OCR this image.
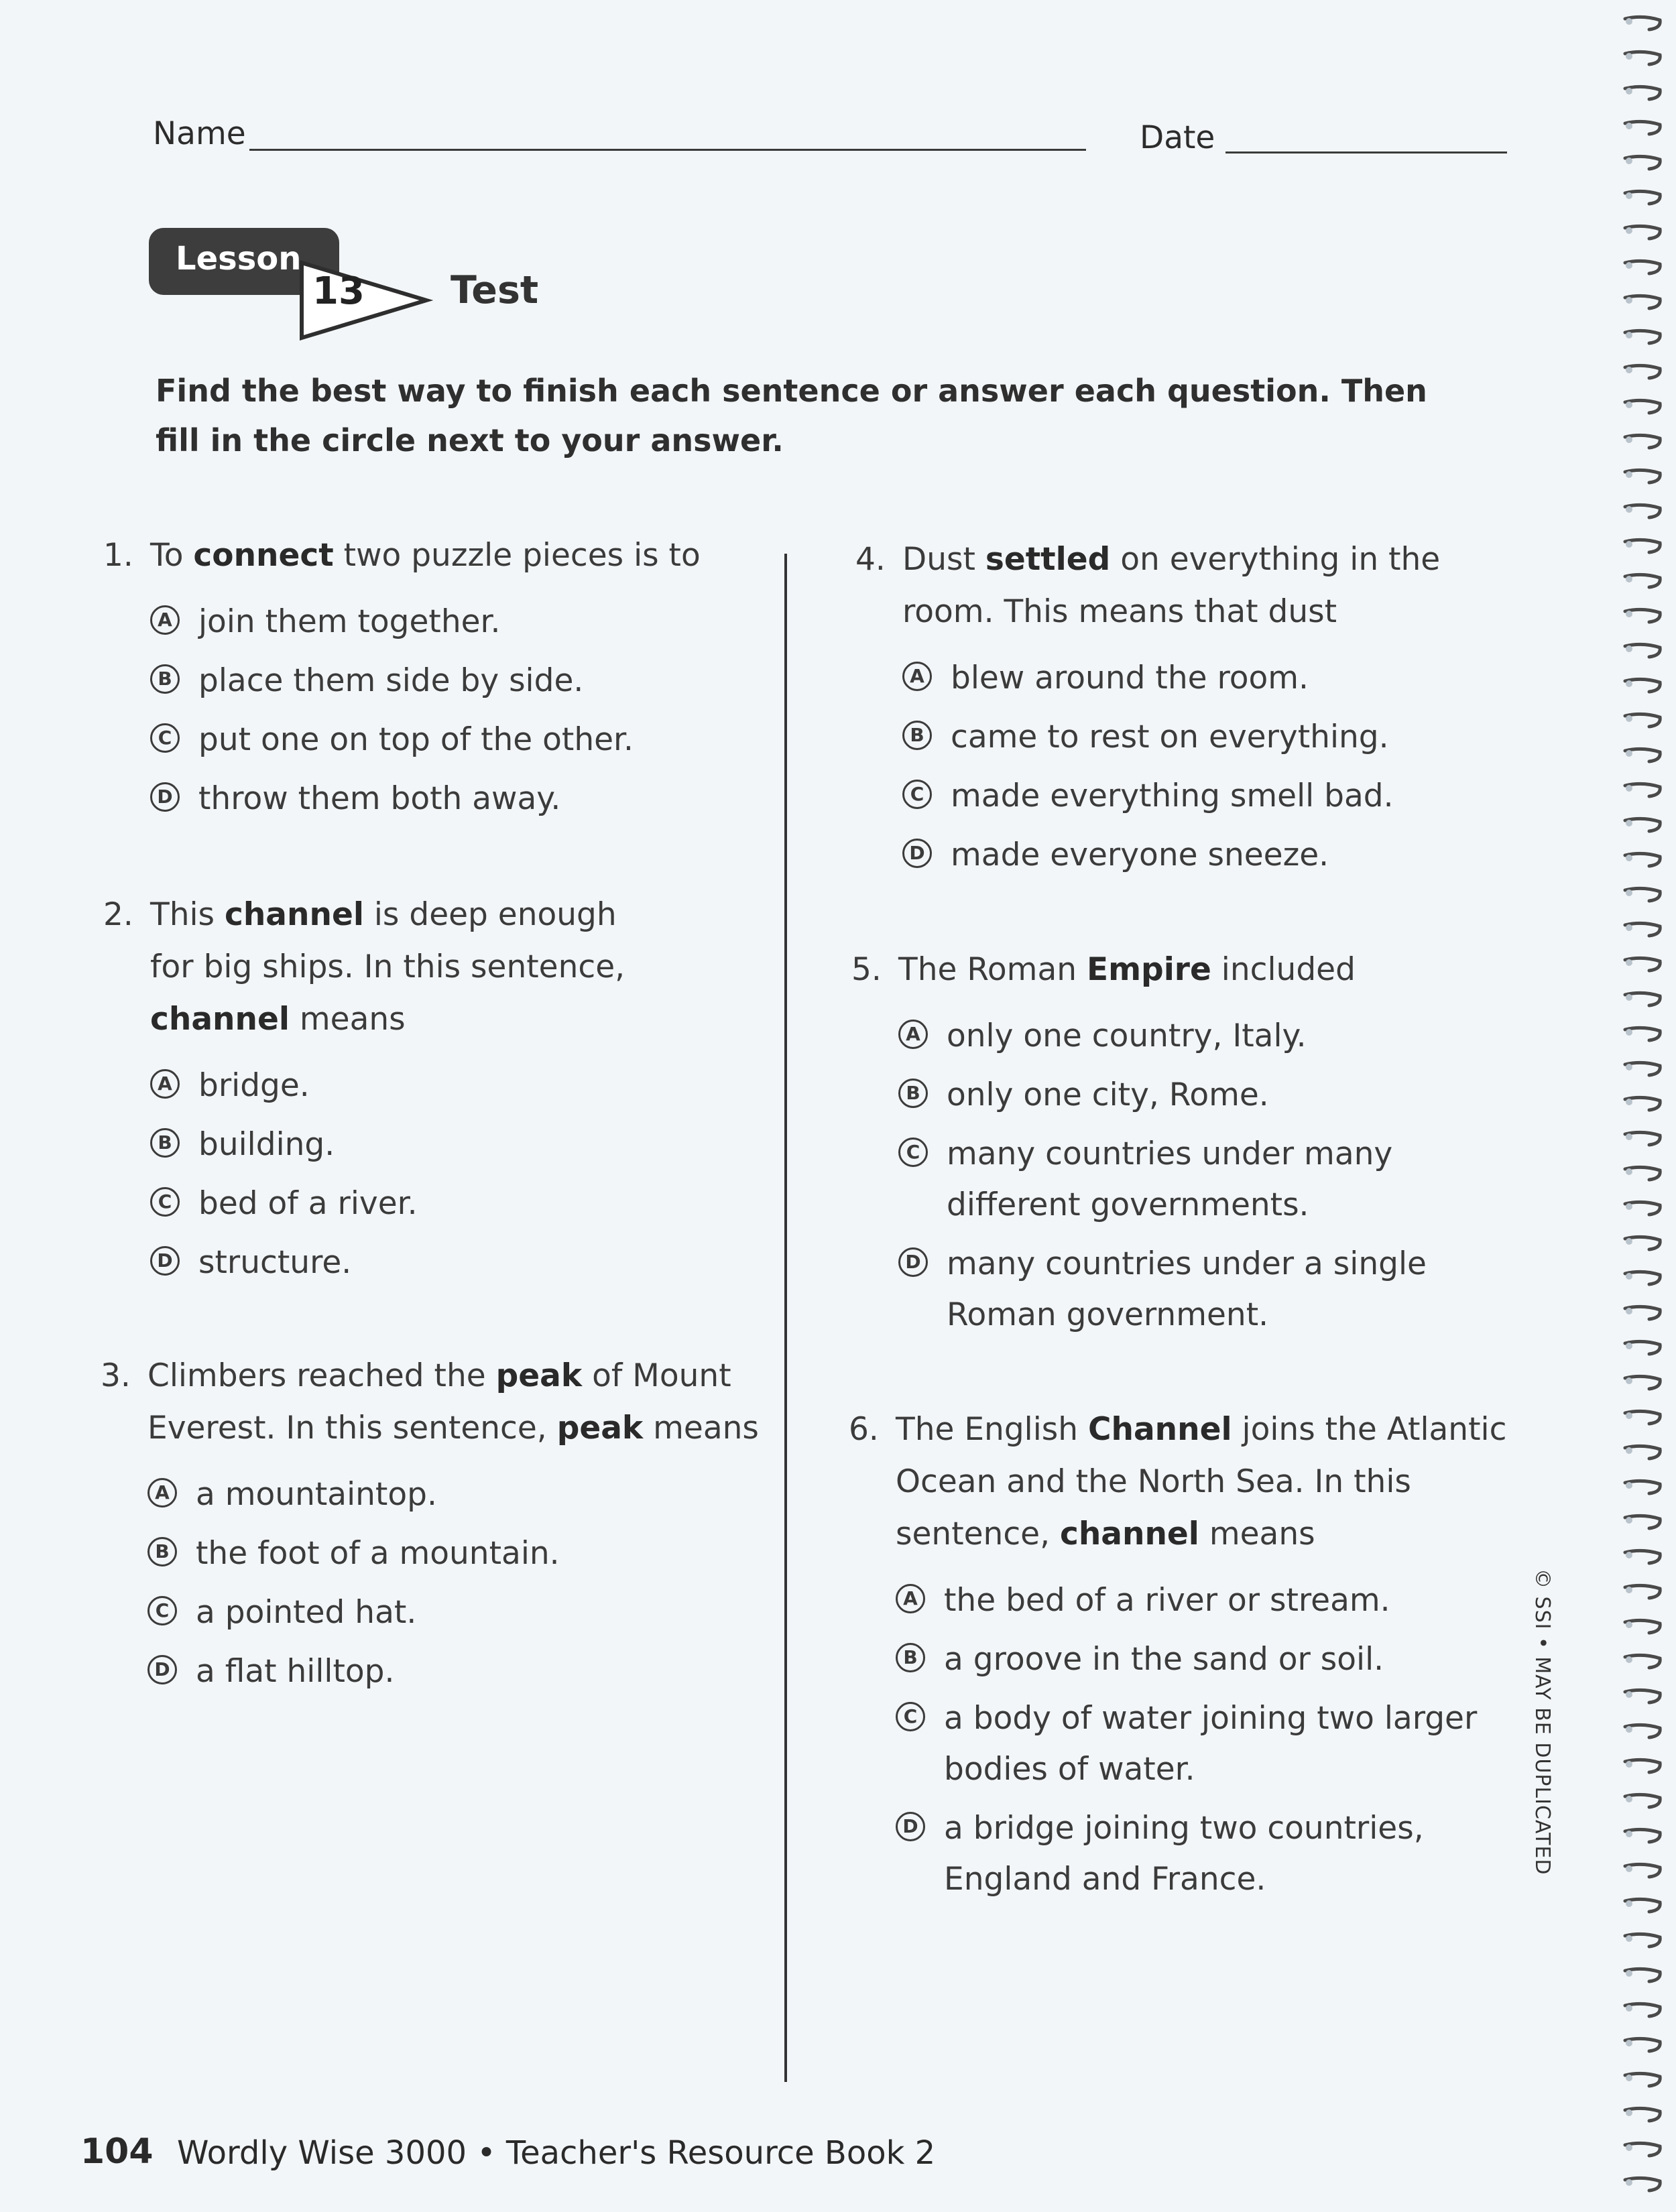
Name	Date
Lesson
13 Test
Find the best way to finish each sentence or answer each question. Then fill in the circle next to your answer.
1. To connect two puzzle pieces is to
A join them together.
B place them side by side.
C put one on top of the other.
D throw them both away.
2. This channel is deep enough for big ships. In this sentence, channel means
A bridge.
B building.
C bed of a river.
D structure.
3. Climbers reached the peak of Mount Everest. In this sentence, peak means
A a mountaintop.
B the foot of a mountain.
C a pointed hat.
D a flat hilltop.
4. Dust settled on everything in the room. This means that dust
A blew around the room.
B came to rest on everything.
C made everything smell bad.
D made everyone sneeze.
5. The Roman Empire included
A only one country, Italy.
B only one city, Rome.
C many countries under many different governments.
D many countries under a single Roman government.
6. The English Channel joins the Atlantic Ocean and the North Sea. In this sentence, channel means
A the bed of a river or stream.
B a groove in the sand or soil.
C a body of water joining two larger bodies of water.
D a bridge joining two countries, England and France.
© SSI • MAY BE DUPLICATED
104 Wordly Wise 3000 • Teacher's Resource Book 2
